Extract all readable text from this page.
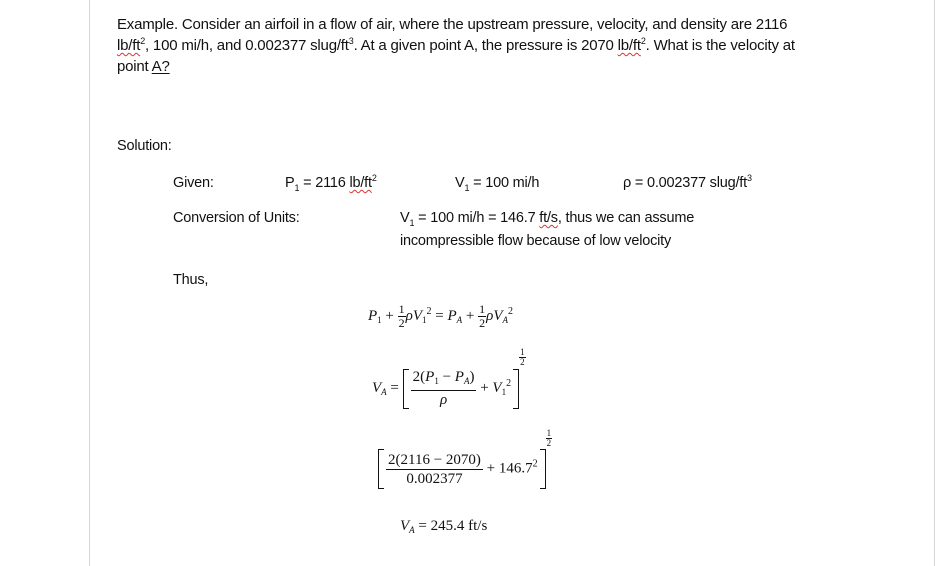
Example. Consider an airfoil in a flow of air, where the upstream pressure, velocity, and density are 2116 $lb/ft^2$, 100 mi/h, and 0.002377 slug/$ft^3$. At a given point A, the pressure is 2070 $lb/ft^2$. What is the velocity at point A?
Solution:
Given:	$P_1 = 2116$ $lb/ft^2$	$V_1 = 100$ mi/h	ρ = 0.002377 slug/$ft^3$
Conversion of Units:	$V_1 = 100$ mi/h = 146.7 ft/s, thus we can assume
incompressible flow because of low velocity
Thus,
$P_1 + \frac{1}{2} \rho V_1^2 = P_A + \frac{1}{2} \rho V_A^2$
$V_A = \frac{2(P_1 - P_A)}{\rho} + V_1^2$
$\frac{1}{2}$
$\frac{2(2116 - 2070)}{0.002377} + 146.7^2$
$\frac{1}{2}$
$V_A = 245.4$ ft/s
